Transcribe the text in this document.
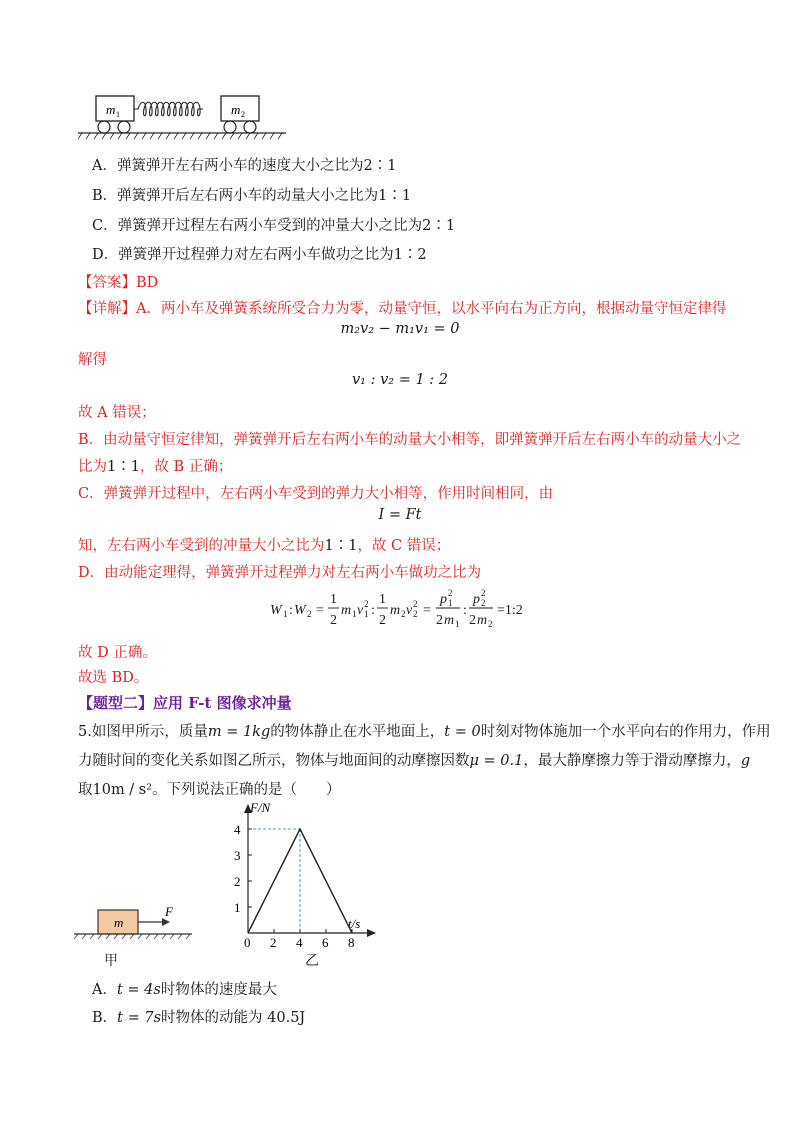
m 1	m 2
A．弹簧弹开左右两小车的速度大小之比为2∶1
B．弹簧弹开后左右两小车的动量大小之比为1∶1
C．弹簧弹开过程左右两小车受到的冲量大小之比为2∶1
D．弹簧弹开过程弹力对左右两小车做功之比为1∶2
【答案】BD
【详解】A．两小车及弹簧系统所受合力为零，动量守恒，以水平向右为正方向，根据动量守恒定律得
m₂v₂ − m₁v₁ = 0
解得
v₁ : v₂ = 1 : 2
故 A 错误；
B．由动量守恒定律知，弹簧弹开后左右两小车的动量大小相等，即弹簧弹开后左右两小车的动量大小之
比为1∶1，故 B 正确；
C．弹簧弹开过程中，左右两小车受到的弹力大小相等，作用时间相同，由
I = Ft
知，左右两小车受到的冲量大小之比为1∶1，故 C 错误；
D．由动能定理得，弹簧弹开过程弹力对左右两小车做功之比为
W 1 : W 2 =
1
2
m 1 v 1
2 :
1
2
m 2 v 2
2 =
p 1
2
2 m 1
:
p 2
2
2 m 2
=1:2
故 D 正确。
故选 BD。
【题型二】应用 F-t 图像求冲量
5.如图甲所示，质量m = 1kg的物体静止在水平地面上，t = 0时刻对物体施加一个水平向右的作用力，作用
力随时间的变化关系如图乙所示，物体与地面间的动摩擦因数μ = 0.1，最大静摩擦力等于滑动摩擦力，g
取10m / s²。下列说法正确的是（　　）
m
F
甲
F/N
t/s
0 2 4 6 8
1
2
3
4
乙
A．t = 4s时物体的速度最大
B．t = 7s时物体的动能为 40.5J
